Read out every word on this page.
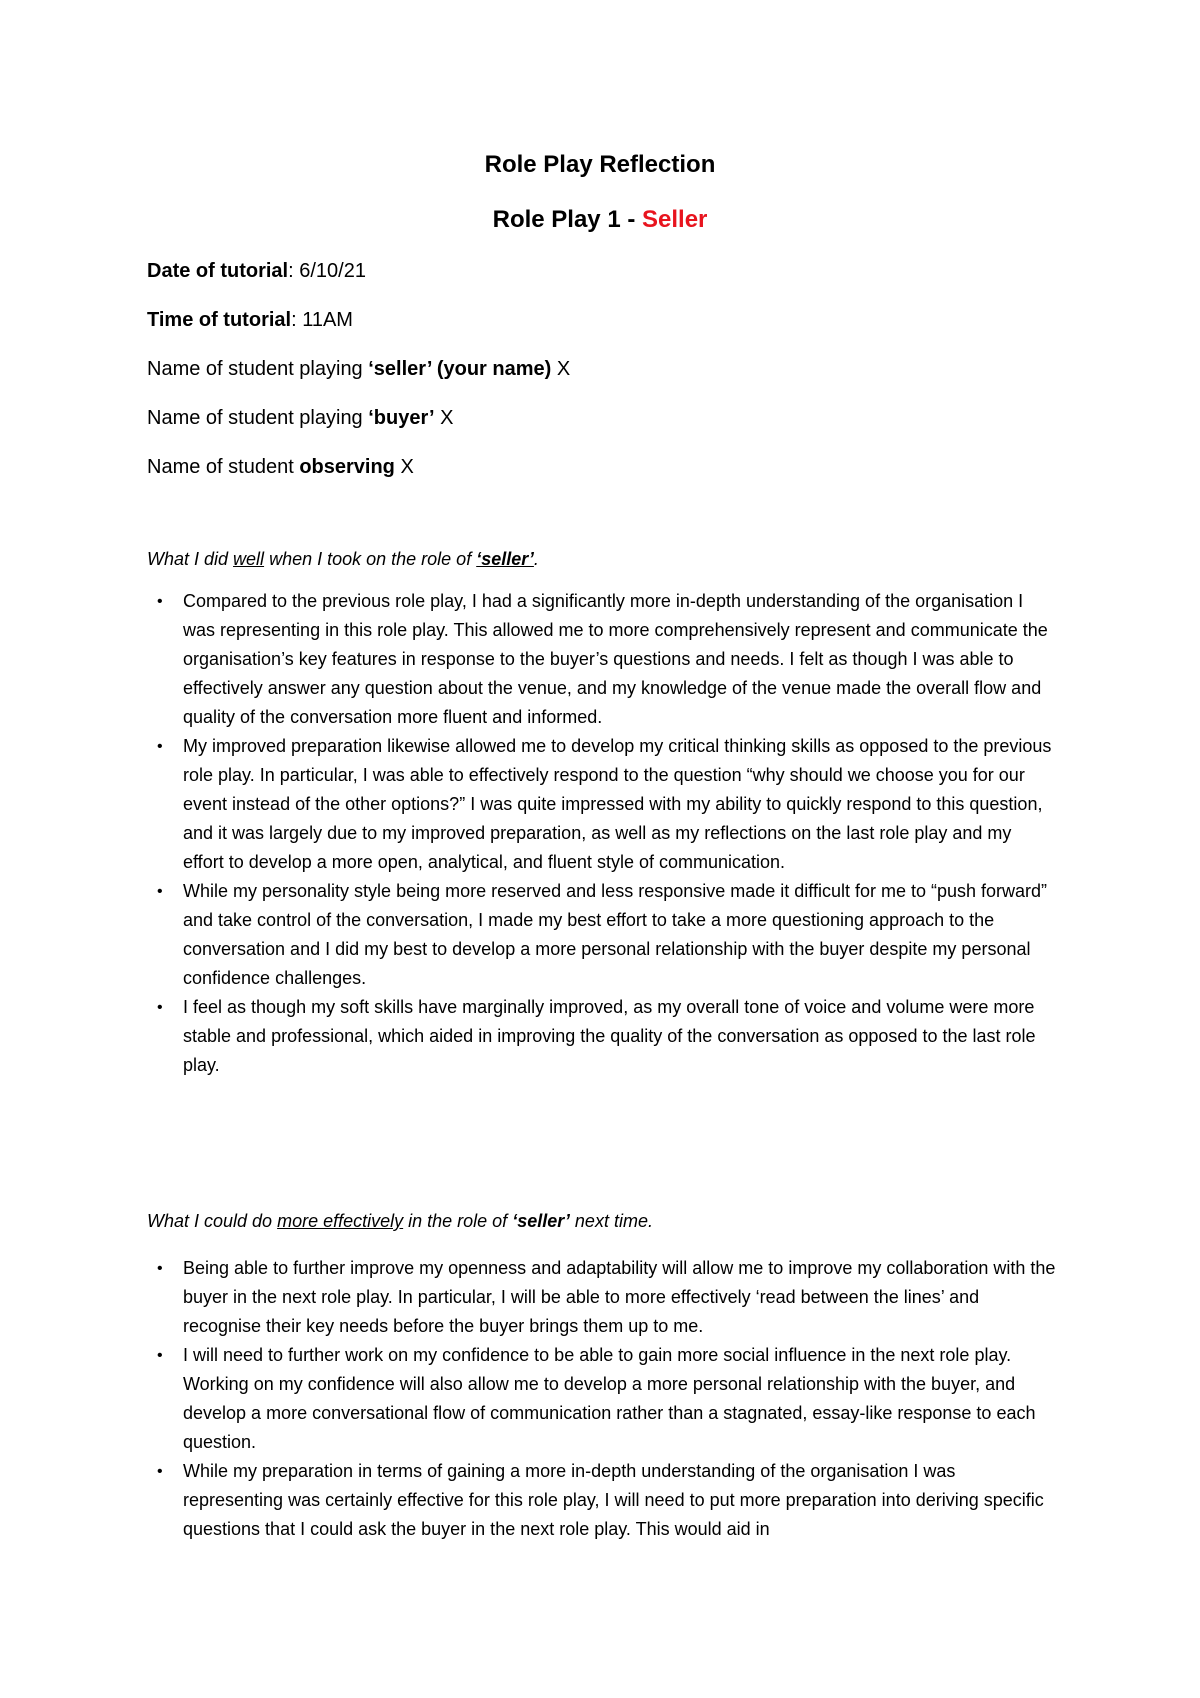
Role Play Reflection
Role Play 1 - Seller
Date of tutorial: 6/10/21
Time of tutorial: 11AM
Name of student playing ‘seller’ (your name) X
Name of student playing ‘buyer’ X
Name of student observing X
What I did well when I took on the role of ‘seller’.
• Compared to the previous role play, I had a significantly more in-depth understanding of the organisation I was representing in this role play. This allowed me to more comprehensively represent and communicate the organisation’s key features in response to the buyer’s questions and needs. I felt as though I was able to effectively answer any question about the venue, and my knowledge of the venue made the overall flow and quality of the conversation more fluent and informed.
• My improved preparation likewise allowed me to develop my critical thinking skills as opposed to the previous role play. In particular, I was able to effectively respond to the question “why should we choose you for our event instead of the other options?” I was quite impressed with my ability to quickly respond to this question, and it was largely due to my improved preparation, as well as my reflections on the last role play and my effort to develop a more open, analytical, and fluent style of communication.
• While my personality style being more reserved and less responsive made it difficult for me to “push forward” and take control of the conversation, I made my best effort to take a more questioning approach to the conversation and I did my best to develop a more personal relationship with the buyer despite my personal confidence challenges.
• I feel as though my soft skills have marginally improved, as my overall tone of voice and volume were more stable and professional, which aided in improving the quality of the conversation as opposed to the last role play.
What I could do more effectively in the role of ‘seller’ next time.
• Being able to further improve my openness and adaptability will allow me to improve my collaboration with the buyer in the next role play. In particular, I will be able to more effectively ‘read between the lines’ and recognise their key needs before the buyer brings them up to me.
• I will need to further work on my confidence to be able to gain more social influence in the next role play. Working on my confidence will also allow me to develop a more personal relationship with the buyer, and develop a more conversational flow of communication rather than a stagnated, essay-like response to each question.
• While my preparation in terms of gaining a more in-depth understanding of the organisation I was representing was certainly effective for this role play, I will need to put more preparation into deriving specific questions that I could ask the buyer in the next role play. This would aid in
